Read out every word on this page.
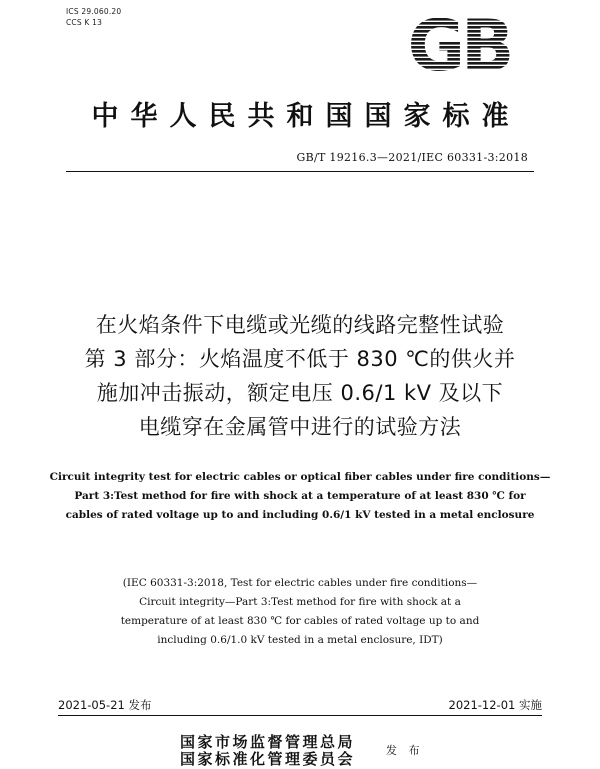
ICS 29.060.20
CCS K 13
中华人民共和国国家标准
GB/T 19216.3—2021/IEC 60331-3:2018
在火焰条件下电缆或光缆的线路完整性试验
第 3 部分：火焰温度不低于 830 ℃的供火并
施加冲击振动，额定电压 0.6/1 kV 及以下
电缆穿在金属管中进行的试验方法
Circuit integrity test for electric cables or optical fiber cables under fire conditions—
Part 3:Test method for fire with shock at a temperature of at least 830 ℃ for
cables of rated voltage up to and including 0.6/1 kV tested in a metal enclosure
(IEC 60331-3:2018, Test for electric cables under fire conditions—
Circuit integrity—Part 3:Test method for fire with shock at a
temperature of at least 830 ℃ for cables of rated voltage up to and
including 0.6/1.0 kV tested in a metal enclosure, IDT)
2021-05-21 发布	2021-12-01 实施
国家市场监督管理总局
国家标准化管理委员会	发 布
